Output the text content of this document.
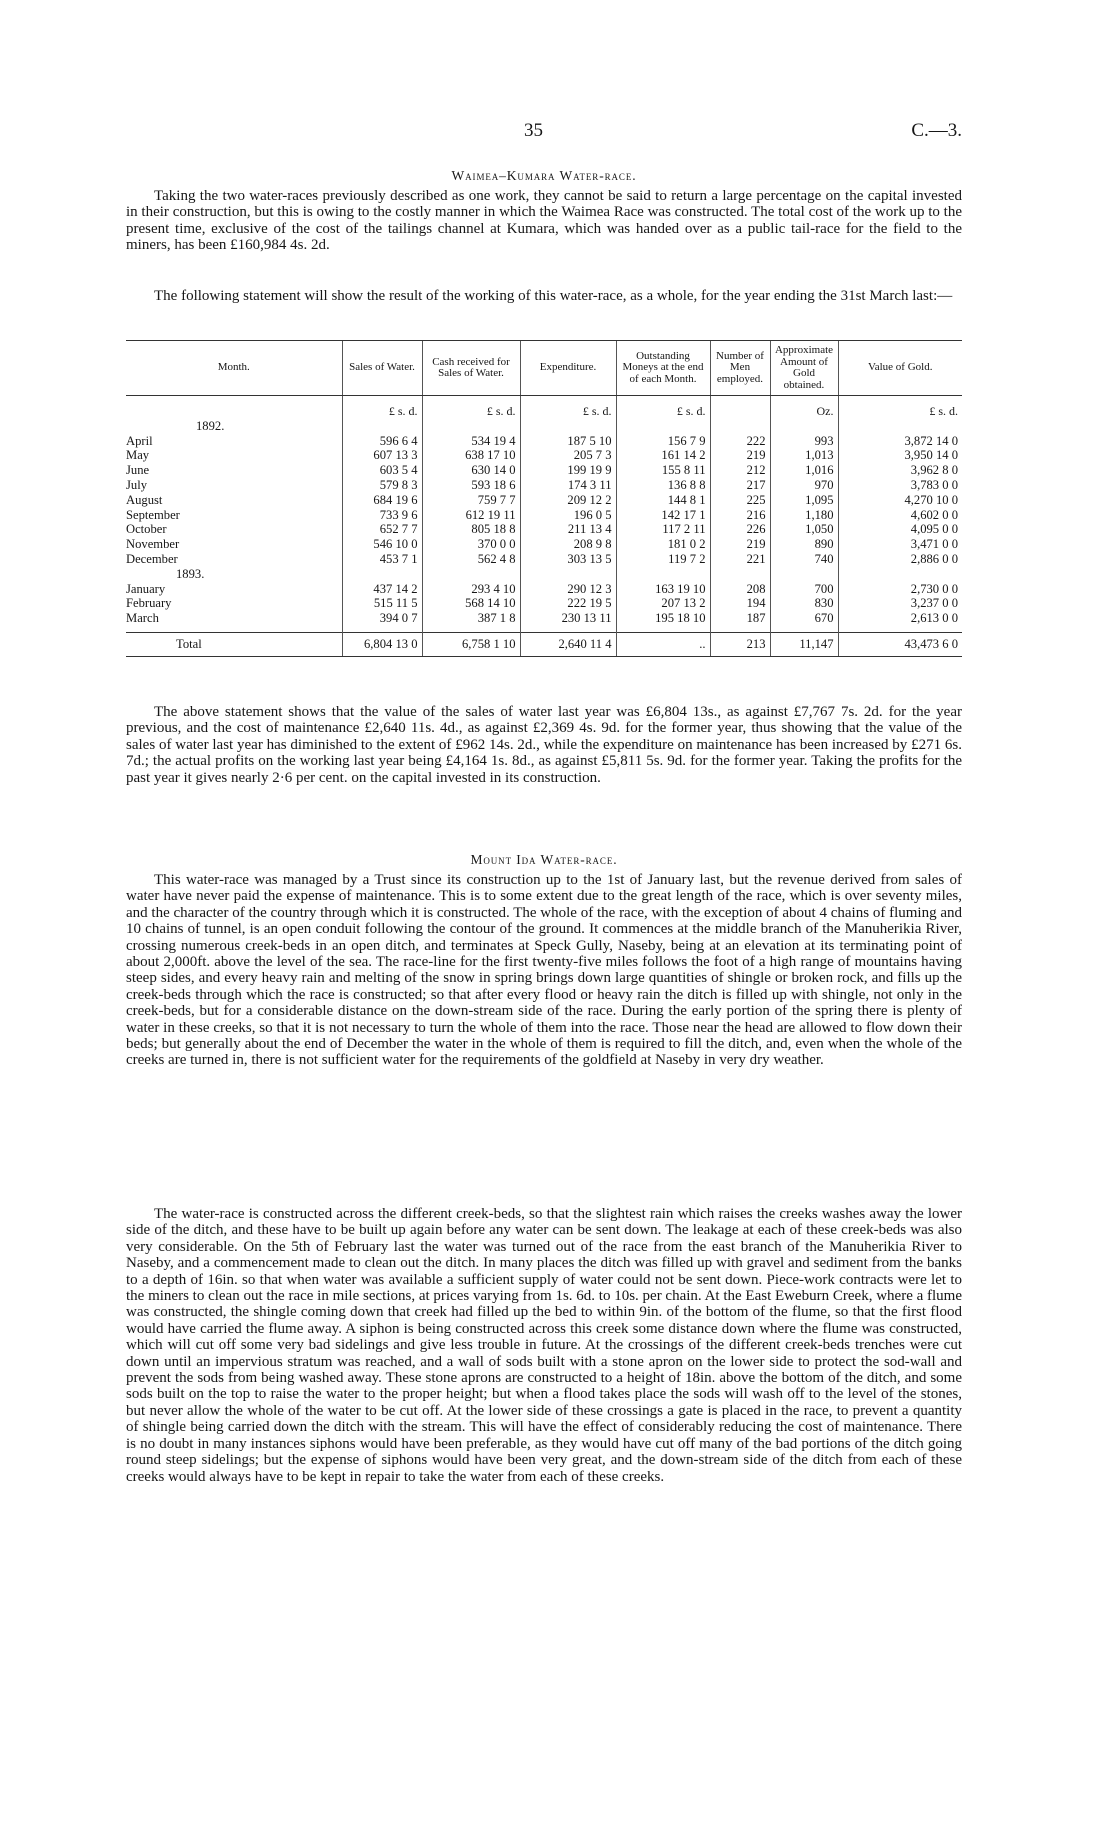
35	C.—3.
Waimea–Kumara Water-race.

Taking the two water-races previously described as one work, they cannot be said to return a large percentage on the capital invested in their construction, but this is owing to the costly manner in which the Waimea Race was constructed. The total cost of the work up to the present time, exclusive of the cost of the tailings channel at Kumara, which was handed over as a public tail-race for the field to the miners, has been £160,984 4s. 2d.

The following statement will show the result of the working of this water-race, as a whole, for the year ending the 31st March last:—

Month.	Sales of Water.	Cash received for Sales of Water.	Expenditure.	Outstanding Moneys at the end of each Month.	Number of Men employed.	Approximate Amount of Gold obtained.	Value of Gold.
	£ s. d.	£ s. d.	£ s. d.	£ s. d.		Oz.	£ s. d.
1892.							
April	596 6 4	534 19 4	187 5 10	156 7 9	222	993	3,872 14 0
May	607 13 3	638 17 10	205 7 3	161 14 2	219	1,013	3,950 14 0
June	603 5 4	630 14 0	199 19 9	155 8 11	212	1,016	3,962 8 0
July	579 8 3	593 18 6	174 3 11	136 8 8	217	970	3,783 0 0
August	684 19 6	759 7 7	209 12 2	144 8 1	225	1,095	4,270 10 0
September	733 9 6	612 19 11	196 0 5	142 17 1	216	1,180	4,602 0 0
October	652 7 7	805 18 8	211 13 4	117 2 11	226	1,050	4,095 0 0
November	546 10 0	370 0 0	208 9 8	181 0 2	219	890	3,471 0 0
December	453 7 1	562 4 8	303 13 5	119 7 2	221	740	2,886 0 0
1893.							
January	437 14 2	293 4 10	290 12 3	163 19 10	208	700	2,730 0 0
February	515 11 5	568 14 10	222 19 5	207 13 2	194	830	3,237 0 0
March	394 0 7	387 1 8	230 13 11	195 18 10	187	670	2,613 0 0

Total	6,804 13 0	6,758 1 10	2,640 11 4	..	213	11,147	43,473 6 0

The above statement shows that the value of the sales of water last year was £6,804 13s., as against £7,767 7s. 2d. for the year previous, and the cost of maintenance £2,640 11s. 4d., as against £2,369 4s. 9d. for the former year, thus showing that the value of the sales of water last year has diminished to the extent of £962 14s. 2d., while the expenditure on maintenance has been increased by £271 6s. 7d.; the actual profits on the working last year being £4,164 1s. 8d., as against £5,811 5s. 9d. for the former year. Taking the profits for the past year it gives nearly 2·6 per cent. on the capital invested in its construction.

Mount Ida Water-race.

This water-race was managed by a Trust since its construction up to the 1st of January last, but the revenue derived from sales of water have never paid the expense of maintenance. This is to some extent due to the great length of the race, which is over seventy miles, and the character of the country through which it is constructed. The whole of the race, with the exception of about 4 chains of fluming and 10 chains of tunnel, is an open conduit following the contour of the ground. It commences at the middle branch of the Manuherikia River, crossing numerous creek-beds in an open ditch, and terminates at Speck Gully, Naseby, being at an elevation at its terminating point of about 2,000ft. above the level of the sea. The race-line for the first twenty-five miles follows the foot of a high range of mountains having steep sides, and every heavy rain and melting of the snow in spring brings down large quantities of shingle or broken rock, and fills up the creek-beds through which the race is constructed; so that after every flood or heavy rain the ditch is filled up with shingle, not only in the creek-beds, but for a considerable distance on the down-stream side of the race. During the early portion of the spring there is plenty of water in these creeks, so that it is not necessary to turn the whole of them into the race. Those near the head are allowed to flow down their beds; but generally about the end of December the water in the whole of them is required to fill the ditch, and, even when the whole of the creeks are turned in, there is not sufficient water for the requirements of the goldfield at Naseby in very dry weather.

The water-race is constructed across the different creek-beds, so that the slightest rain which raises the creeks washes away the lower side of the ditch, and these have to be built up again before any water can be sent down. The leakage at each of these creek-beds was also very considerable. On the 5th of February last the water was turned out of the race from the east branch of the Manuherikia River to Naseby, and a commencement made to clean out the ditch. In many places the ditch was filled up with gravel and sediment from the banks to a depth of 16in. so that when water was available a sufficient supply of water could not be sent down. Piece-work contracts were let to the miners to clean out the race in mile sections, at prices varying from 1s. 6d. to 10s. per chain. At the East Eweburn Creek, where a flume was constructed, the shingle coming down that creek had filled up the bed to within 9in. of the bottom of the flume, so that the first flood would have carried the flume away. A siphon is being constructed across this creek some distance down where the flume was constructed, which will cut off some very bad sidelings and give less trouble in future. At the crossings of the different creek-beds trenches were cut down until an impervious stratum was reached, and a wall of sods built with a stone apron on the lower side to protect the sod-wall and prevent the sods from being washed away. These stone aprons are constructed to a height of 18in. above the bottom of the ditch, and some sods built on the top to raise the water to the proper height; but when a flood takes place the sods will wash off to the level of the stones, but never allow the whole of the water to be cut off. At the lower side of these crossings a gate is placed in the race, to prevent a quantity of shingle being carried down the ditch with the stream. This will have the effect of considerably reducing the cost of maintenance. There is no doubt in many instances siphons would have been preferable, as they would have cut off many of the bad portions of the ditch going round steep sidelings; but the expense of siphons would have been very great, and the down-stream side of the ditch from each of these creeks would always have to be kept in repair to take the water from each of these creeks.
